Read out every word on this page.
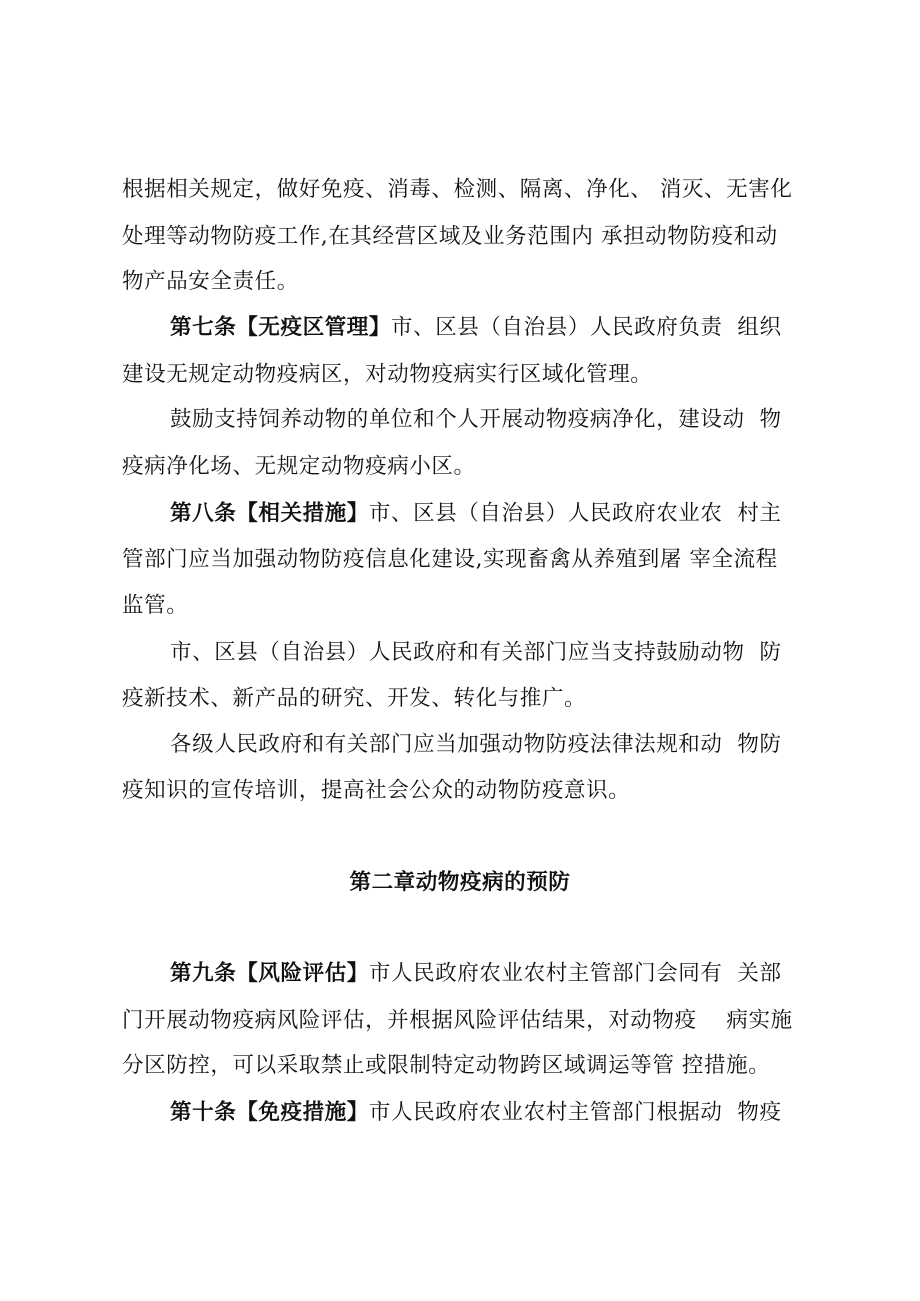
根据相关规定，做好免疫、消毒、检测、隔离、净化、 消灭、无害化
处理等动物防疫工作,在其经营区域及业务范围内 承担动物防疫和动
物产品安全责任。
第七条【无疫区管理】市、区县（自治县）人民政府负责  组织
建设无规定动物疫病区，对动物疫病实行区域化管理。
鼓励支持饲养动物的单位和个人开展动物疫病净化，建设动  物
疫病净化场、无规定动物疫病小区。
第八条【相关措施】市、区县（自治县）人民政府农业农  村主
管部门应当加强动物防疫信息化建设,实现畜禽从养殖到屠 宰全流程
监管。
市、区县（自治县）人民政府和有关部门应当支持鼓励动物  防
疫新技术、新产品的研究、开发、转化与推广。
各级人民政府和有关部门应当加强动物防疫法律法规和动  物防
疫知识的宣传培训，提高社会公众的动物防疫意识。
第二章动物疫病的预防
第九条【风险评估】市人民政府农业农村主管部门会同有  关部
门开展动物疫病风险评估，并根据风险评估结果，对动物疫    病实施
分区防控，可以采取禁止或限制特定动物跨区域调运等管 控措施。
第十条【免疫措施】市人民政府农业农村主管部门根据动  物疫
